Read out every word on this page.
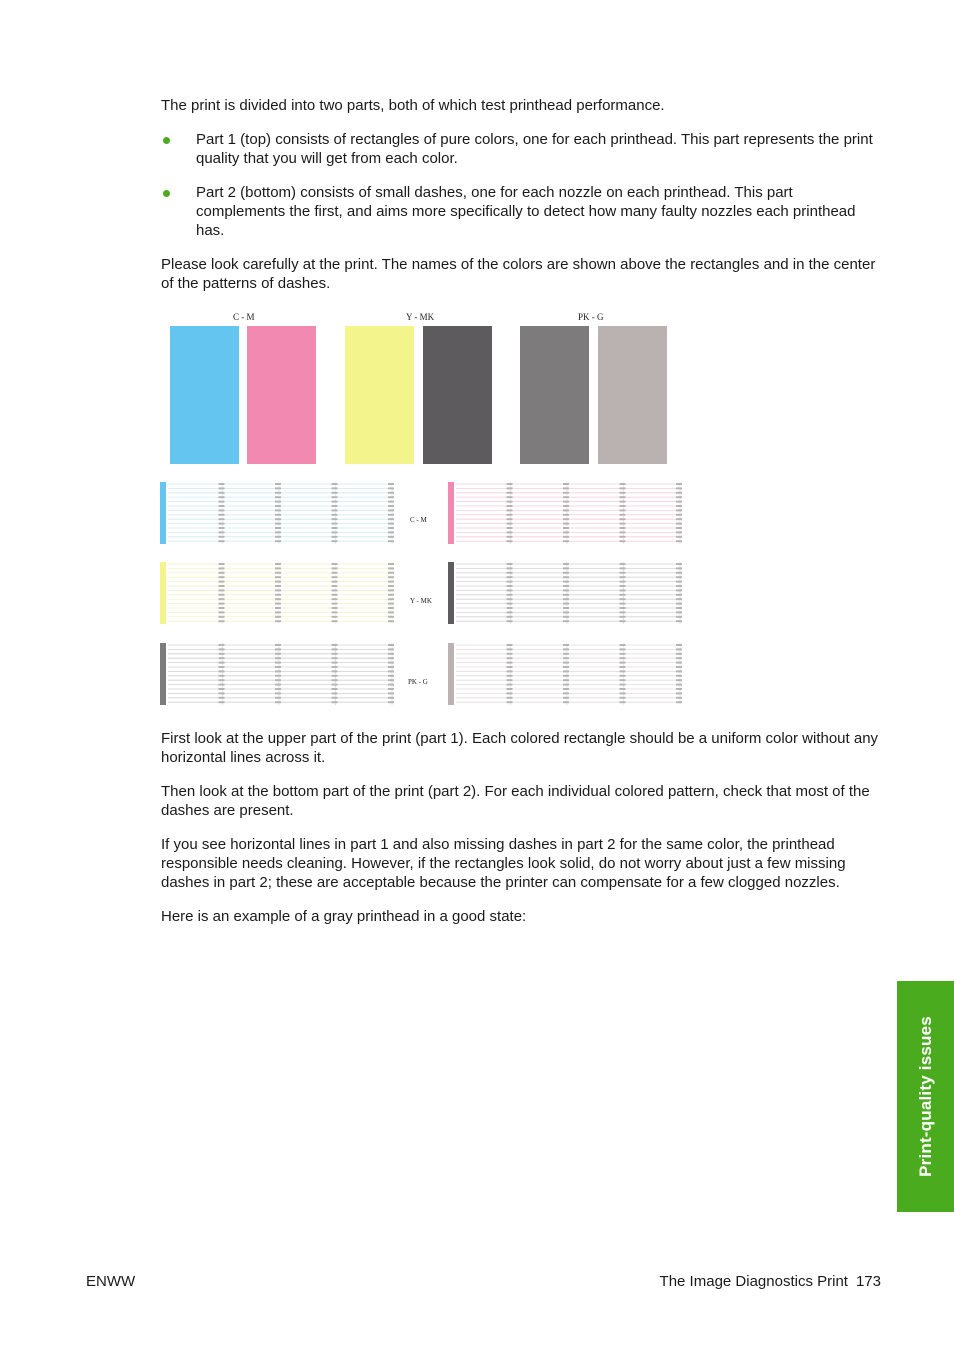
The print is divided into two parts, both of which test printhead performance.

Part 1 (top) consists of rectangles of pure colors, one for each printhead. This part represents the print quality that you will get from each color.
Part 2 (bottom) consists of small dashes, one for each nozzle on each printhead. This part complements the first, and aims more specifically to detect how many faulty nozzles each printhead has.

Please look carefully at the print. The names of the colors are shown above the rectangles and in the center of the patterns of dashes.

C - M	Y - MK	PK - G
C - M
Y - MK
PK - G

First look at the upper part of the print (part 1). Each colored rectangle should be a uniform color without any horizontal lines across it.

Then look at the bottom part of the print (part 2). For each individual colored pattern, check that most of the dashes are present.

If you see horizontal lines in part 1 and also missing dashes in part 2 for the same color, the printhead responsible needs cleaning. However, if the rectangles look solid, do not worry about just a few missing dashes in part 2; these are acceptable because the printer can compensate for a few clogged nozzles.

Here is an example of a gray printhead in a good state:

Print-quality issues
ENWW	The Image Diagnostics Print 173
